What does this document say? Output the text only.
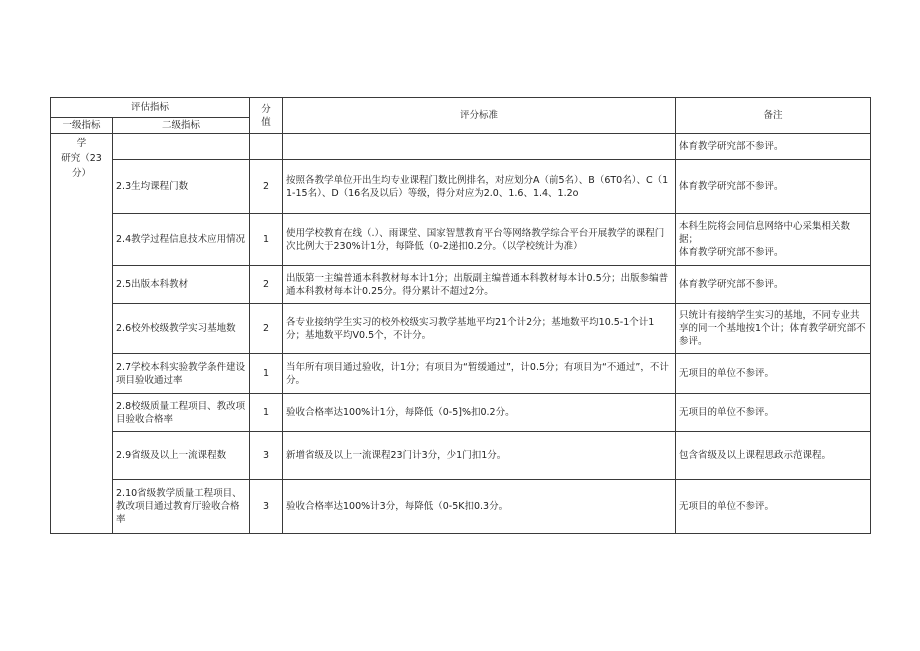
评估指标		分
值	评分标准	备注
一级指标	二级指标			
学
研究（23
分）				体育教学研究部不参评。
	2.3生均课程门数	2	按照各教学单位开出生均专业课程门数比例排名，对应划分A（前5名）、B（6T0名）、C（11-15名）、D（16名及以后）等级，得分对应为2.0、1.6、1.4、1.2o	体育教学研究部不参评。
	2.4教学过程信息技术应用情况	1	使用学校教育在线（.）、雨课堂、国家智慧教育平台等网络教学综合平台开展教学的课程门次比例大于230%计1分，每降低（0-2递扣0.2分。（以学校统计为准）	本科生院将会同信息网络中心采集相关数据；
体育教学研究部不参评。
	2.5出版本科教材	2	出版第一主编普通本科教材每本计1分；出版副主编普通本科教材每本计0.5分；出版参编普通本科教材每本计0.25分。得分累计不超过2分。	体育教学研究部不参评。
	2.6校外校级教学实习基地数	2	各专业接纳学生实习的校外校级实习教学基地平均21个计2分；基地数平均10.5-1个计1分；基地数平均V0.5个，不计分。	只统计有接纳学生实习的基地，不同专业共享的同一个基地按1个计；体育教学研究部不参评。
	2.7学校本科实验教学条件建设项目验收通过率	1	当年所有项目通过验收，计1分；有项目为“暂缓通过”，计0.5分；有项目为“不通过”，不计分。	无项目的单位不参评。
	2.8校级质量工程项目、教改项目验收合格率	1	验收合格率达100%计1分，每降低（0-5]%扣0.2分。	无项目的单位不参评。
	2.9省级及以上一流课程数	3	新增省级及以上一流课程23门计3分，少1门扣1分。	包含省级及以上课程思政示范课程。
	2.10省级教学质量工程项目、教改项目通过教育厅验收合格率	3	验收合格率达100%计3分，每降低（0-5K扣0.3分。	无项目的单位不参评。
